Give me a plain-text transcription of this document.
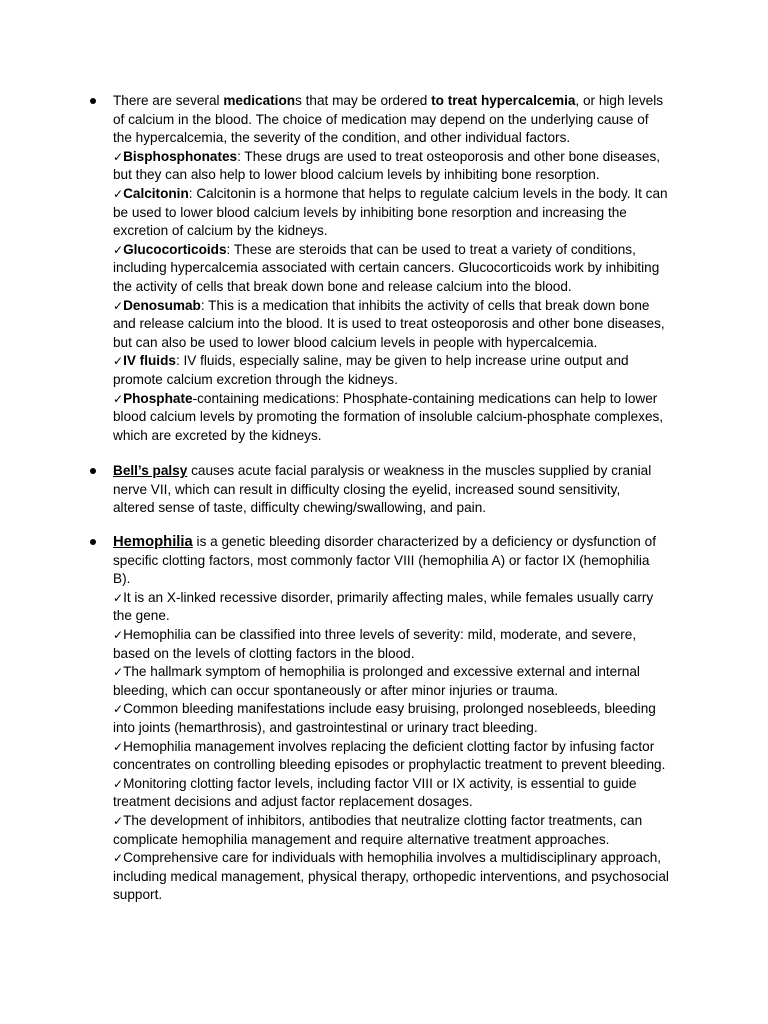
There are several medications that may be ordered to treat hypercalcemia, or high levels
of calcium in the blood. The choice of medication may depend on the underlying cause of
the hypercalcemia, the severity of the condition, and other individual factors.
✓Bisphosphonates: These drugs are used to treat osteoporosis and other bone diseases,
but they can also help to lower blood calcium levels by inhibiting bone resorption.
✓Calcitonin: Calcitonin is a hormone that helps to regulate calcium levels in the body. It can
be used to lower blood calcium levels by inhibiting bone resorption and increasing the
excretion of calcium by the kidneys.
✓Glucocorticoids: These are steroids that can be used to treat a variety of conditions,
including hypercalcemia associated with certain cancers. Glucocorticoids work by inhibiting
the activity of cells that break down bone and release calcium into the blood.
✓Denosumab: This is a medication that inhibits the activity of cells that break down bone
and release calcium into the blood. It is used to treat osteoporosis and other bone diseases,
but can also be used to lower blood calcium levels in people with hypercalcemia.
✓IV fluids: IV fluids, especially saline, may be given to help increase urine output and
promote calcium excretion through the kidneys.
✓Phosphate-containing medications: Phosphate-containing medications can help to lower
blood calcium levels by promoting the formation of insoluble calcium-phosphate complexes,
which are excreted by the kidneys.
Bell’s palsy causes acute facial paralysis or weakness in the muscles supplied by cranial
nerve VII, which can result in difficulty closing the eyelid, increased sound sensitivity,
altered sense of taste, difficulty chewing/swallowing, and pain.
Hemophilia is a genetic bleeding disorder characterized by a deficiency or dysfunction of
specific clotting factors, most commonly factor VIII (hemophilia A) or factor IX (hemophilia
B).
✓It is an X-linked recessive disorder, primarily affecting males, while females usually carry
the gene.
✓Hemophilia can be classified into three levels of severity: mild, moderate, and severe,
based on the levels of clotting factors in the blood.
✓The hallmark symptom of hemophilia is prolonged and excessive external and internal
bleeding, which can occur spontaneously or after minor injuries or trauma.
✓Common bleeding manifestations include easy bruising, prolonged nosebleeds, bleeding
into joints (hemarthrosis), and gastrointestinal or urinary tract bleeding.
✓Hemophilia management involves replacing the deficient clotting factor by infusing factor
concentrates on controlling bleeding episodes or prophylactic treatment to prevent bleeding.
✓Monitoring clotting factor levels, including factor VIII or IX activity, is essential to guide
treatment decisions and adjust factor replacement dosages.
✓The development of inhibitors, antibodies that neutralize clotting factor treatments, can
complicate hemophilia management and require alternative treatment approaches.
✓Comprehensive care for individuals with hemophilia involves a multidisciplinary approach,
including medical management, physical therapy, orthopedic interventions, and psychosocial
support.
